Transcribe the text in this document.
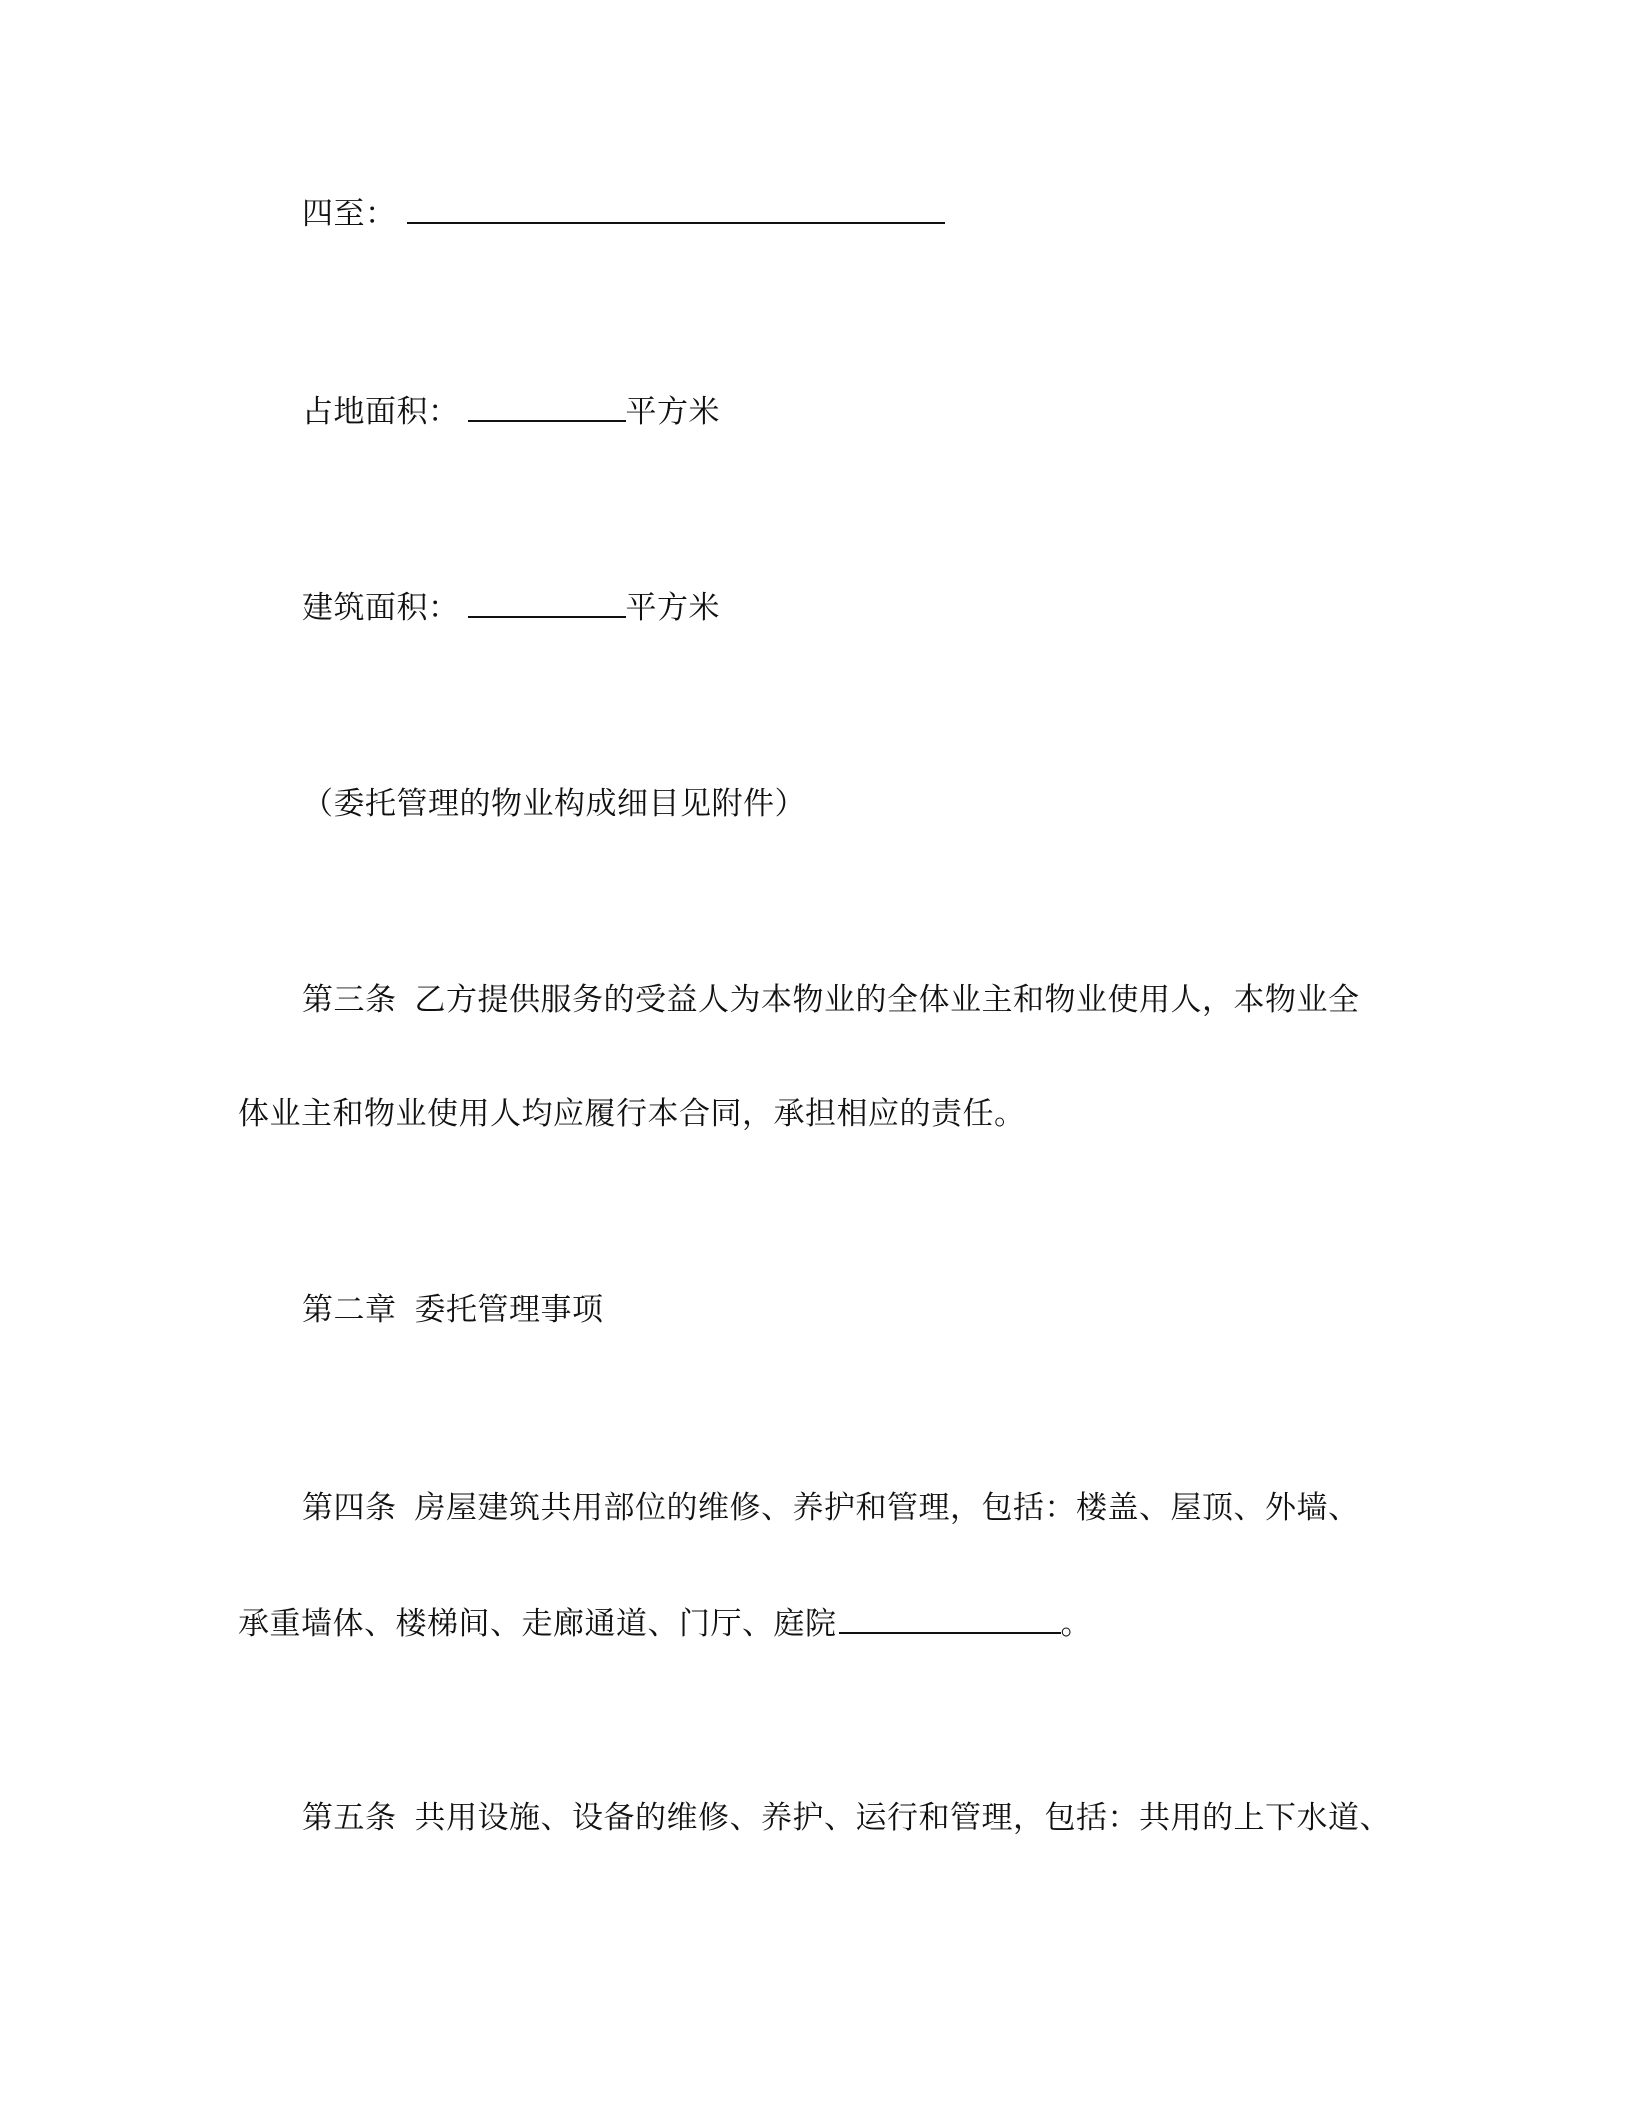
四至：
占地面积：	平方米
建筑面积：	平方米
（委托管理的物业构成细目见附件）
第三条 乙方提供服务的受益人为本物业的全体业主和物业使用人，本物业全
体业主和物业使用人均应履行本合同，承担相应的责任。
第二章 委托管理事项
第四条 房屋建筑共用部位的维修、养护和管理，包括：楼盖、屋顶、外墙、
承重墙体、楼梯间、走廊通道、门厅、庭院	。
第五条 共用设施、设备的维修、养护、运行和管理，包括：共用的上下水道、
